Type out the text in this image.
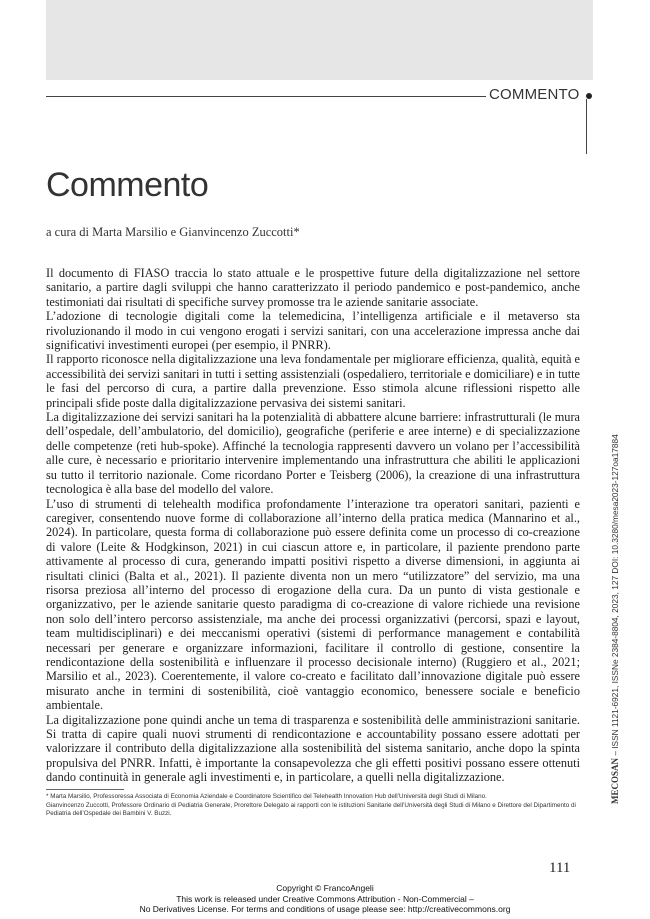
COMMENTO
Commento
a cura di Marta Marsilio e Gianvincenzo Zuccotti*

Il documento di FIASO traccia lo stato attuale e le prospettive future della digitalizzazione nel settore sanitario, a partire dagli sviluppi che hanno caratterizzato il periodo pandemico e post-pandemico, anche testimoniati dai risultati di specifiche survey promosse tra le aziende sanitarie associate.

L’adozione di tecnologie digitali come la telemedicina, l’intelligenza artificiale e il metaverso sta rivoluzionando il modo in cui vengono erogati i servizi sanitari, con una accelerazione impressa anche dai significativi investimenti europei (per esempio, il PNRR).

Il rapporto riconosce nella digitalizzazione una leva fondamentale per migliorare efficienza, qualità, equità e accessibilità dei servizi sanitari in tutti i setting assistenziali (ospedaliero, territoriale e domiciliare) e in tutte le fasi del percorso di cura, a partire dalla prevenzione. Esso stimola alcune riflessioni rispetto alle principali sfide poste dalla digitalizzazione pervasiva dei sistemi sanitari.

La digitalizzazione dei servizi sanitari ha la potenzialità di abbattere alcune barriere: infrastrutturali (le mura dell’ospedale, dell’ambulatorio, del domicilio), geografiche (periferie e aree interne) e di specializzazione delle competenze (reti hub-spoke). Affinché la tecnologia rappresenti davvero un volano per l’accessibilità alle cure, è necessario e prioritario intervenire implementando una infrastruttura che abiliti le applicazioni su tutto il territorio nazionale. Come ricordano Porter e Teisberg (2006), la creazione di una infrastruttura tecnologica è alla base del modello del valore.

L’uso di strumenti di telehealth modifica profondamente l’interazione tra operatori sanitari, pazienti e caregiver, consentendo nuove forme di collaborazione all’interno della pratica medica (Mannarino et al., 2024). In particolare, questa forma di collaborazione può essere definita come un processo di co-creazione di valore (Leite & Hodgkinson, 2021) in cui ciascun attore e, in particolare, il paziente prendono parte attivamente al processo di cura, generando impatti positivi rispetto a diverse dimensioni, in aggiunta ai risultati clinici (Balta et al., 2021). Il paziente diventa non un mero “utilizzatore” del servizio, ma una risorsa preziosa all’interno del processo di erogazione della cura. Da un punto di vista gestionale e organizzativo, per le aziende sanitarie questo paradigma di co-creazione di valore richiede una revisione non solo dell’intero percorso assistenziale, ma anche dei processi organizzativi (percorsi, spazi e layout, team multidisciplinari) e dei meccanismi operativi (sistemi di performance management e contabilità necessari per generare e organizzare informazioni, facilitare il controllo di gestione, consentire la rendicontazione della sostenibilità e influenzare il processo decisionale interno) (Ruggiero et al., 2021; Marsilio et al., 2023). Coerentemente, il valore co-creato e facilitato dall’innovazione digitale può essere misurato anche in termini di sostenibilità, cioè vantaggio economico, benessere sociale e beneficio ambientale.

La digitalizzazione pone quindi anche un tema di trasparenza e sostenibilità delle amministrazioni sanitarie. Si tratta di capire quali nuovi strumenti di rendicontazione e accountability possano essere adottati per valorizzare il contributo della digitalizzazione alla sostenibilità del sistema sanitario, anche dopo la spinta propulsiva del PNRR. Infatti, è importante la consapevolezza che gli effetti positivi possano essere ottenuti dando continuità in generale agli investimenti e, in particolare, a quelli nella digitalizzazione.

* Marta Marsilio, Professoressa Associata di Economia Aziendale e Coordinatore Scientifico del Telehealth Innovation Hub dell’Università degli Studi di Milano.

Gianvincenzo Zuccotti, Professore Ordinario di Pediatria Generale, Prorettore Delegato ai rapporti con le istituzioni Sanitarie dell’Università degli Studi di Milano e Direttore del Dipartimento di Pediatria dell’Ospedale dei Bambini V. Buzzi.

MECOSAN – ISSN 1121-6921, ISSNe 2384-8804, 2023, 127 DOI: 10.3280/mesa2023-127oa17884
111
Copyright © FrancoAngeli
This work is released under Creative Commons Attribution - Non-Commercial –
No Derivatives License. For terms and conditions of usage please see: http://creativecommons.org
